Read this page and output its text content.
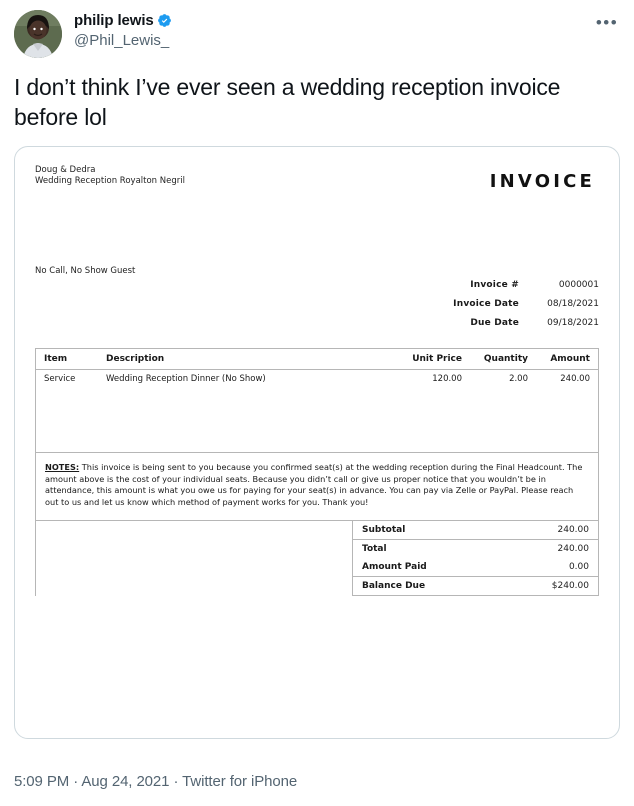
philip lewis
@Phil_Lewis_
•••
I don’t think I’ve ever seen a wedding reception invoice before lol
Doug & Dedra
Wedding Reception Royalton Negril	INVOICE
No Call, No Show Guest
Invoice #	0000001
Invoice Date	08/18/2021
Due Date	09/18/2021
Item	Description	Unit Price	Quantity	Amount
Service	Wedding Reception Dinner (No Show)	120.00	2.00	240.00
NOTES: This invoice is being sent to you because you confirmed seat(s) at the wedding reception during the Final Headcount. The amount above is the cost of your individual seats. Because you didn’t call or give us proper notice that you wouldn’t be in attendance, this amount is what you owe us for paying for your seat(s) in advance. You can pay via Zelle or PayPal. Please reach out to us and let us know which method of payment works for you. Thank you!
Subtotal	240.00
Total	240.00
Amount Paid	0.00
Balance Due	$240.00
5:09 PM · Aug 24, 2021 · Twitter for iPhone
